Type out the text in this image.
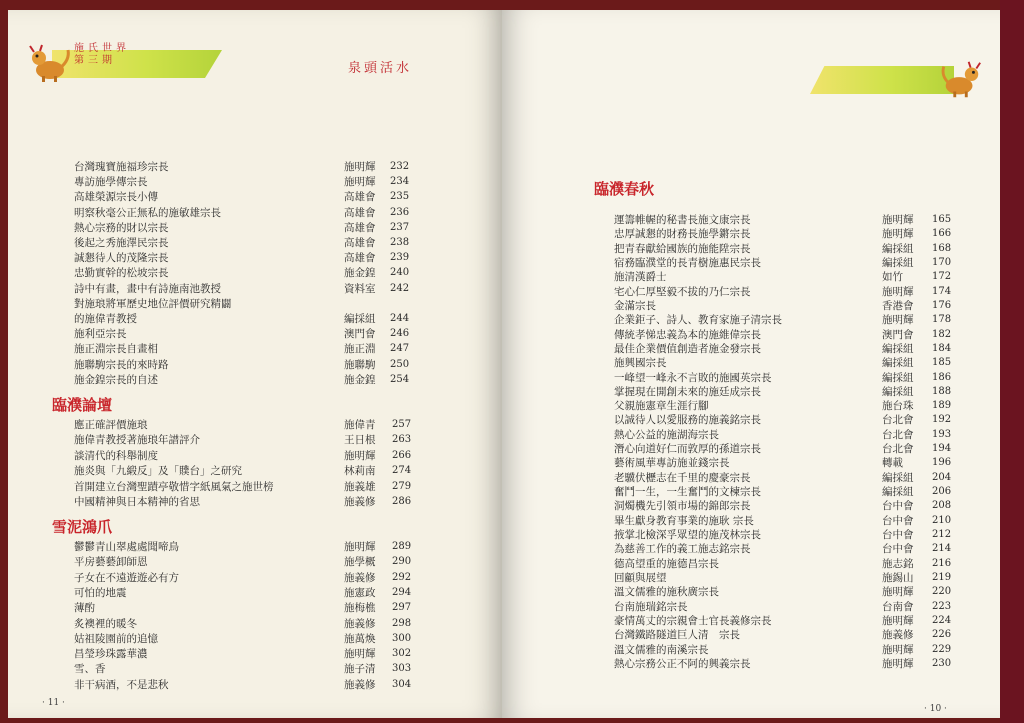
台灣瑰寶施福珍宗長	施明輝 232
專訪施學傳宗長	施明輝 234
高雄榮源宗長小傳	高雄會 235
明察秋毫公正無私的施敏雄宗長	高雄會 236
熱心宗務的財以宗長	高雄會 237
後起之秀施澤民宗長	高雄會 238
誠懇待人的茂隆宗長	高雄會 239
忠勤實幹的松坡宗長	施金鍠 240
詩中有畫，畫中有詩施南池教授	資料室 242
對施琅將軍歷史地位評價研究精闢
的施偉青教授	編採組 244
施利亞宗長	澳門會 246
施正淵宗長自畫相	施正淵 247
施聯駒宗長的來時路	施聯駒 250
施金鍠宗長的自述	施金鍠 254
臨濮論壇
應正確評價施琅	施偉青 257
施偉青教授著施琅年譜評介	王日根 263
談清代的科舉制度	施明輝 266
施炎與「九緞反」及「贌台」之研究	林莉南 274
首開建立台灣聖蹟亭敬惜字紙風氣之施世榜	施義雄 279
中國精神與日本精神的省思	施義修 286
雪泥鴻爪
鬱鬱青山翠處處聞啼鳥	施明輝 289
平房藝藝卸師恩	施學概 290
子女在不遠遊遊必有方	施義修 292
可怕的地震	施憲政 294
薄酌	施梅樵 297
炙襖裡的暖冬	施義修 298
姑祖陵園前的追憶	施萬煥 300
昌瑩珍珠露華濃	施明輝 302
雪、香	施子清 303
非干病酒，不是悲秋	施義修 304
· 11 ·
施氏世界
第三期
臨濮春秋
運籌帷幄的秘書長施文康宗長	施明輝 165
忠厚誠懇的財務長施學鏘宗長	施明輝 166
把青春獻給國族的施能陞宗長	編採組 168
宿務臨濮堂的長青樹施惠民宗長	編採組 170
施清漢爵士	如竹	172
宅心仁厚堅毅不拔的乃仁宗長	施明輝 174
金滿宗長	香港會 176
企業鉅子、詩人、教育家施子清宗長	施明輝 178
傳統孝悌忠義為本的施維偉宗長	澳門會 182
最佳企業價值創造者施金發宗長	編採組 184
施興國宗長	編採組 185
一峰望一峰永不言敗的施國英宗長	編採組 186
掌握現在開創未來的施廷成宗長	編採組 188
父親施憲章生涯行腳	施台珠 189
以誠待人以愛服務的施義銘宗長	台北會 192
熱心公益的施湖海宗長	台北會 193
潛心向道好仁而敦厚的孫道宗長	台北會 194
藝術風華專訪施並錢宗長	轉載	196
老驥伏櫪志在千里的慶豪宗長	編採組 204
奮鬥一生，一生奮鬥的文楝宗長	編採組 206
洞燭機先引領市場的錦郎宗長	台中會 208
畢生獻身教育事業的施耿 宗長	台中會 210
掖掌北檢深孚眾望的施茂林宗長	台中會 212
為慈善工作的義工施志銘宗長	台中會 214
德高望重的施德昌宗長	施志銘 216
回顧與展望	施錫山 219
溫文儒雅的施秋廣宗長	施明輝 220
台南施瑞銘宗長	台南會 223
豪情萬丈的宗親會士官長義修宗長	施明輝 224
台灣鐵路隧道巨人清　宗長	施義修 226
溫文儒雅的南溪宗長	施明輝 229
熱心宗務公正不阿的興義宗長	施明輝 230
· 10 ·
泉頭活水
